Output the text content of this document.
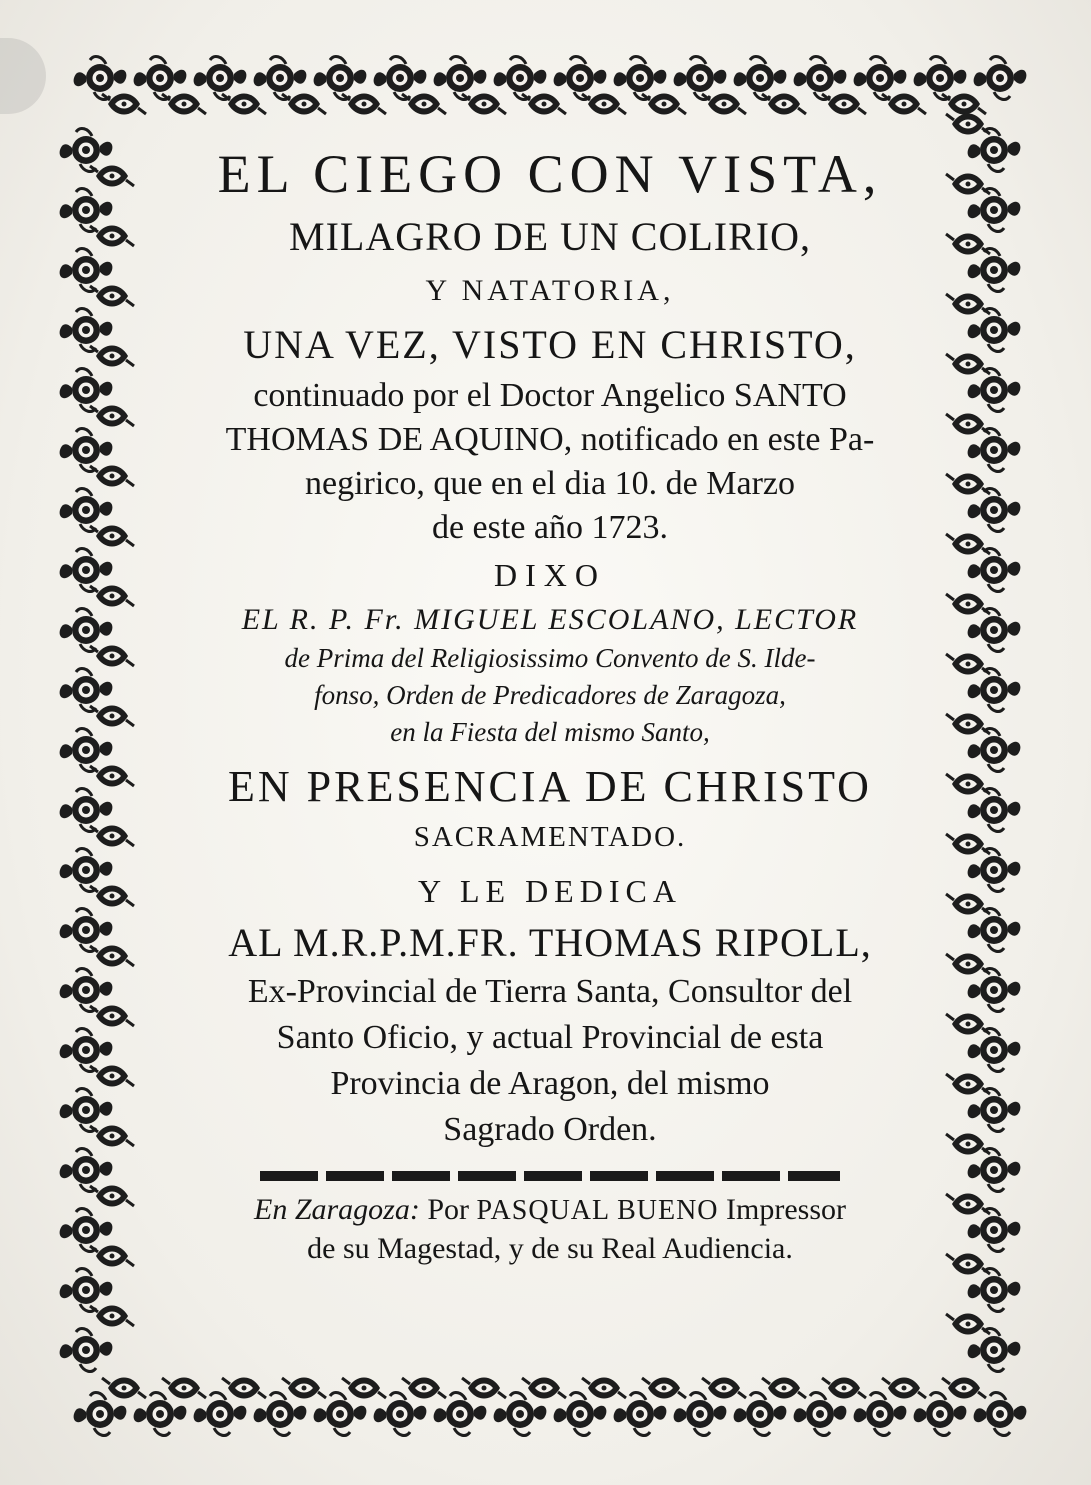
EL CIEGO CON VISTA,
MILAGRO DE UN COLIRIO,
Y NATATORIA,
UNA VEZ, VISTO EN CHRISTO,
continuado por el Doctor Angelico SANTO
THOMAS DE AQUINO, notificado en este Pa-
negirico, que en el dia 10. de Marzo
de este año 1723.
DIXO
EL R. P. Fr. MIGUEL ESCOLANO, LECTOR
de Prima del Religiosissimo Convento de S. Ilde-
fonso, Orden de Predicadores de Zaragoza,
en la Fiesta del mismo Santo,
EN PRESENCIA DE CHRISTO
SACRAMENTADO.
Y LE DEDICA
AL M.R.P.M.FR. THOMAS RIPOLL,
Ex-Provincial de Tierra Santa, Consultor del
Santo Oficio, y actual Provincial de esta
Provincia de Aragon, del mismo
Sagrado Orden.
En Zaragoza: Por PASQUAL BUENO Impressor
de su Magestad, y de su Real Audiencia.
